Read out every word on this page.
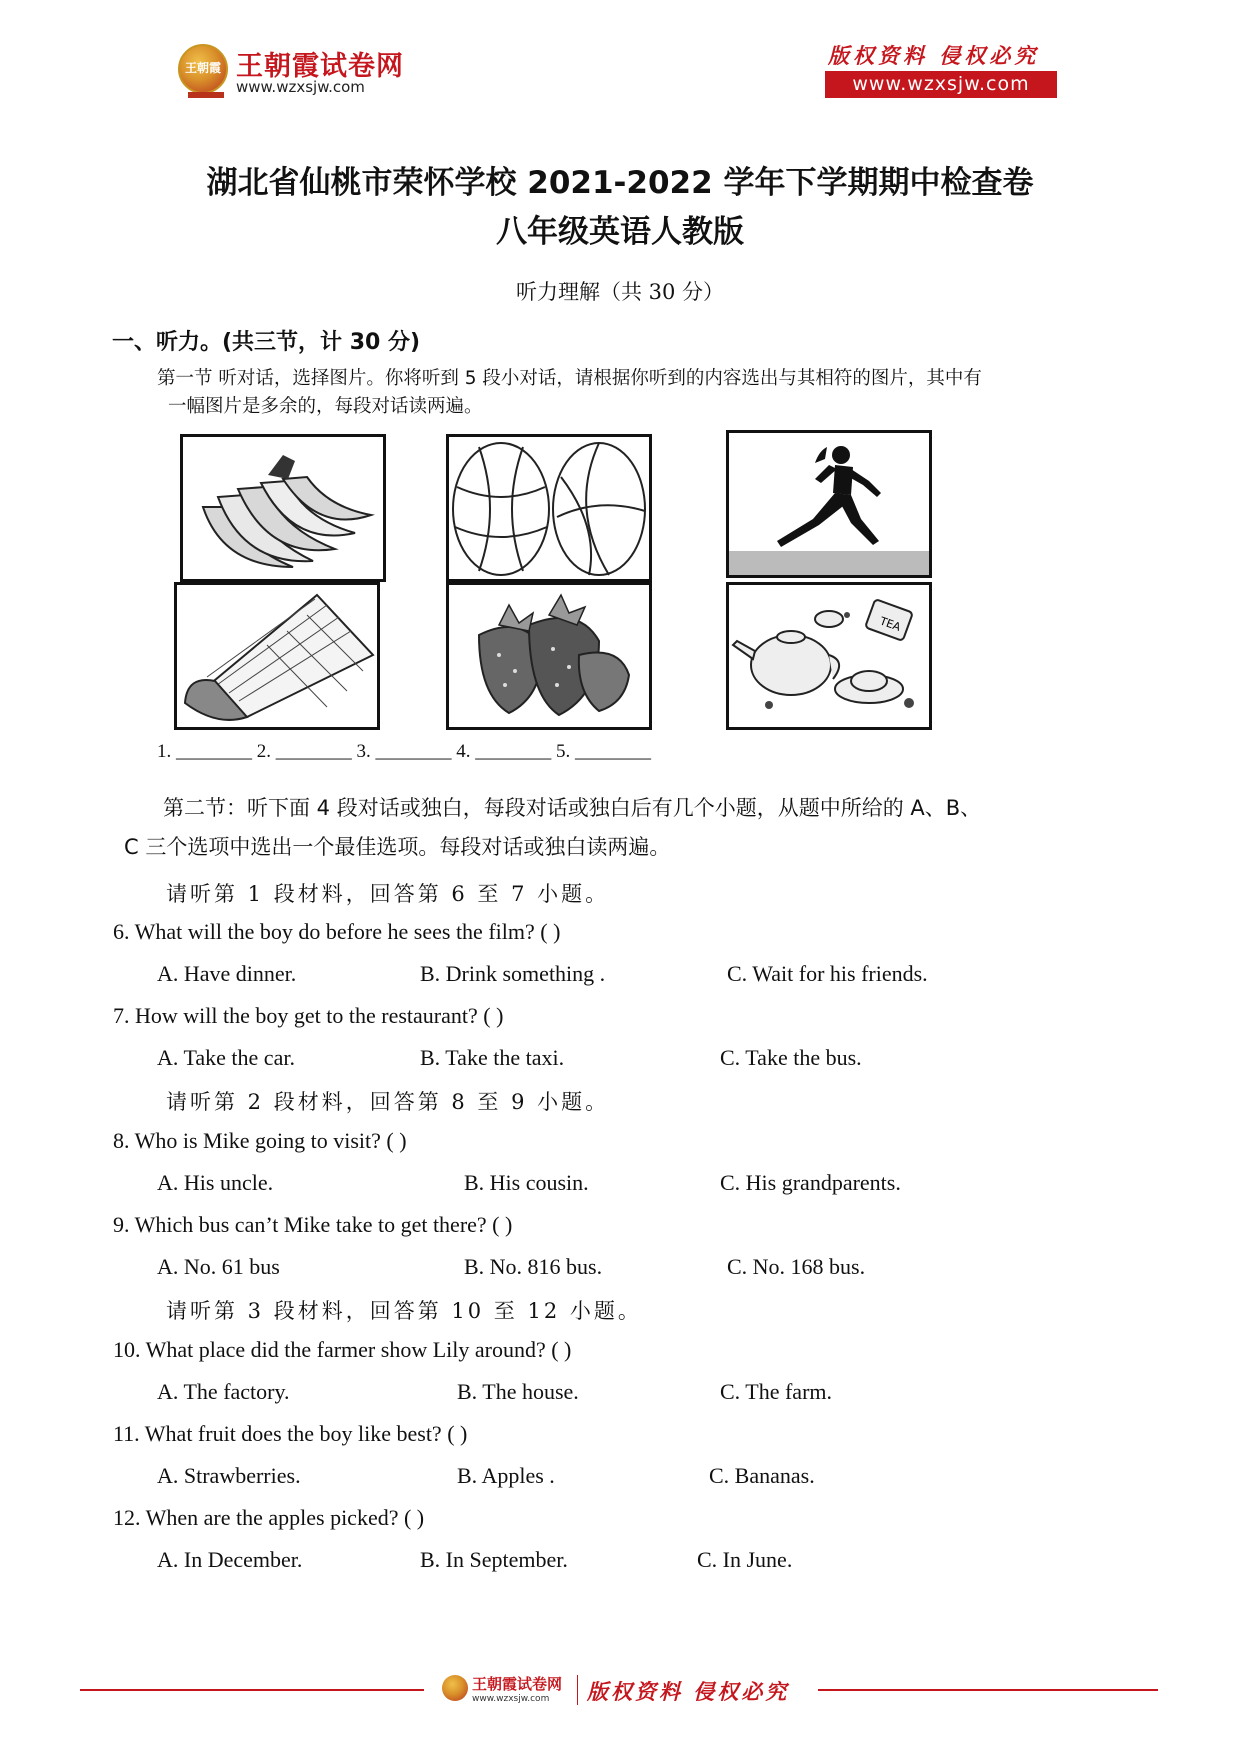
王朝霞 王朝霞试卷网
www.wzxsjw.com
版权资料 侵权必究
www.wzxsjw.com
湖北省仙桃市荣怀学校 2021-2022 学年下学期期中检查卷
八年级英语人教版
听力理解（共 30 分）
一、听力。(共三节，计 30 分)
第一节 听对话，选择图片。你将听到 5 段小对话，请根据你听到的内容选出与其相符的图片，其中有
一幅图片是多余的，每段对话读两遍。
TEA
1. ________ 2. ________ 3. ________ 4. ________ 5. ________
第二节：听下面 4 段对话或独白，每段对话或独白后有几个小题，从题中所给的 A、B、
C 三个选项中选出一个最佳选项。每段对话或独白读两遍。
请听第 1 段材料，回答第 6 至 7 小题。
6. What will the boy do before he sees the film? ( )
A. Have dinner.	B. Drink something .	C. Wait for his friends.
7. How will the boy get to the restaurant? ( )
A. Take the car.	B. Take the taxi.	C. Take the bus.
请听第 2 段材料，回答第 8 至 9 小题。
8. Who is Mike going to visit? ( )
A. His uncle.	B. His cousin.	C. His grandparents.
9. Which bus can’t Mike take to get there? ( )
A. No. 61 bus	B. No. 816 bus.	C. No. 168 bus.
请听第 3 段材料，回答第 10 至 12 小题。
10. What place did the farmer show Lily around? ( )
A. The factory.	B. The house.	C. The farm.
11. What fruit does the boy like best? ( )
A. Strawberries.	B. Apples .	C. Bananas.
12. When are the apples picked? ( )
A. In December.	B. In September.	C. In June.
王朝霞试卷网
www.wzxsjw.com 版权资料 侵权必究
